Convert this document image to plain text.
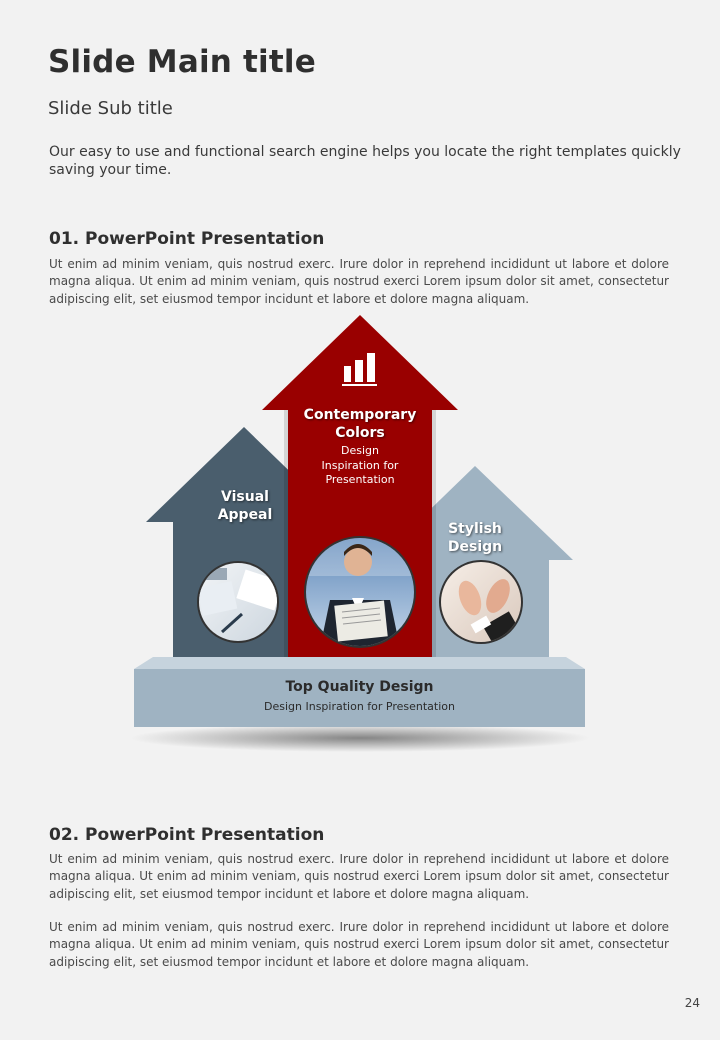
Slide Main title
Slide Sub title
Our easy to use and functional search engine helps you locate the right templates quickly saving your time.
01. PowerPoint Presentation
Ut enim ad minim veniam, quis nostrud exerc. Irure dolor in reprehend incididunt ut labore et dolore magna aliqua. Ut enim ad minim veniam, quis nostrud exerci Lorem ipsum dolor sit amet, consectetur adipiscing elit, set eiusmod tempor incidunt et labore et dolore magna aliquam.
Visual Appeal
Contemporary Colors
Design Inspiration for Presentation
Stylish Design
Top Quality Design
Design Inspiration for Presentation
02. PowerPoint Presentation
Ut enim ad minim veniam, quis nostrud exerc. Irure dolor in reprehend incididunt ut labore et dolore magna aliqua. Ut enim ad minim veniam, quis nostrud exerci Lorem ipsum dolor sit amet, consectetur adipiscing elit, set eiusmod tempor incidunt et labore et dolore magna aliquam.
Ut enim ad minim veniam, quis nostrud exerc. Irure dolor in reprehend incididunt ut labore et dolore magna aliqua. Ut enim ad minim veniam, quis nostrud exerci Lorem ipsum dolor sit amet, consectetur adipiscing elit, set eiusmod tempor incidunt et labore et dolore magna aliquam.
24
